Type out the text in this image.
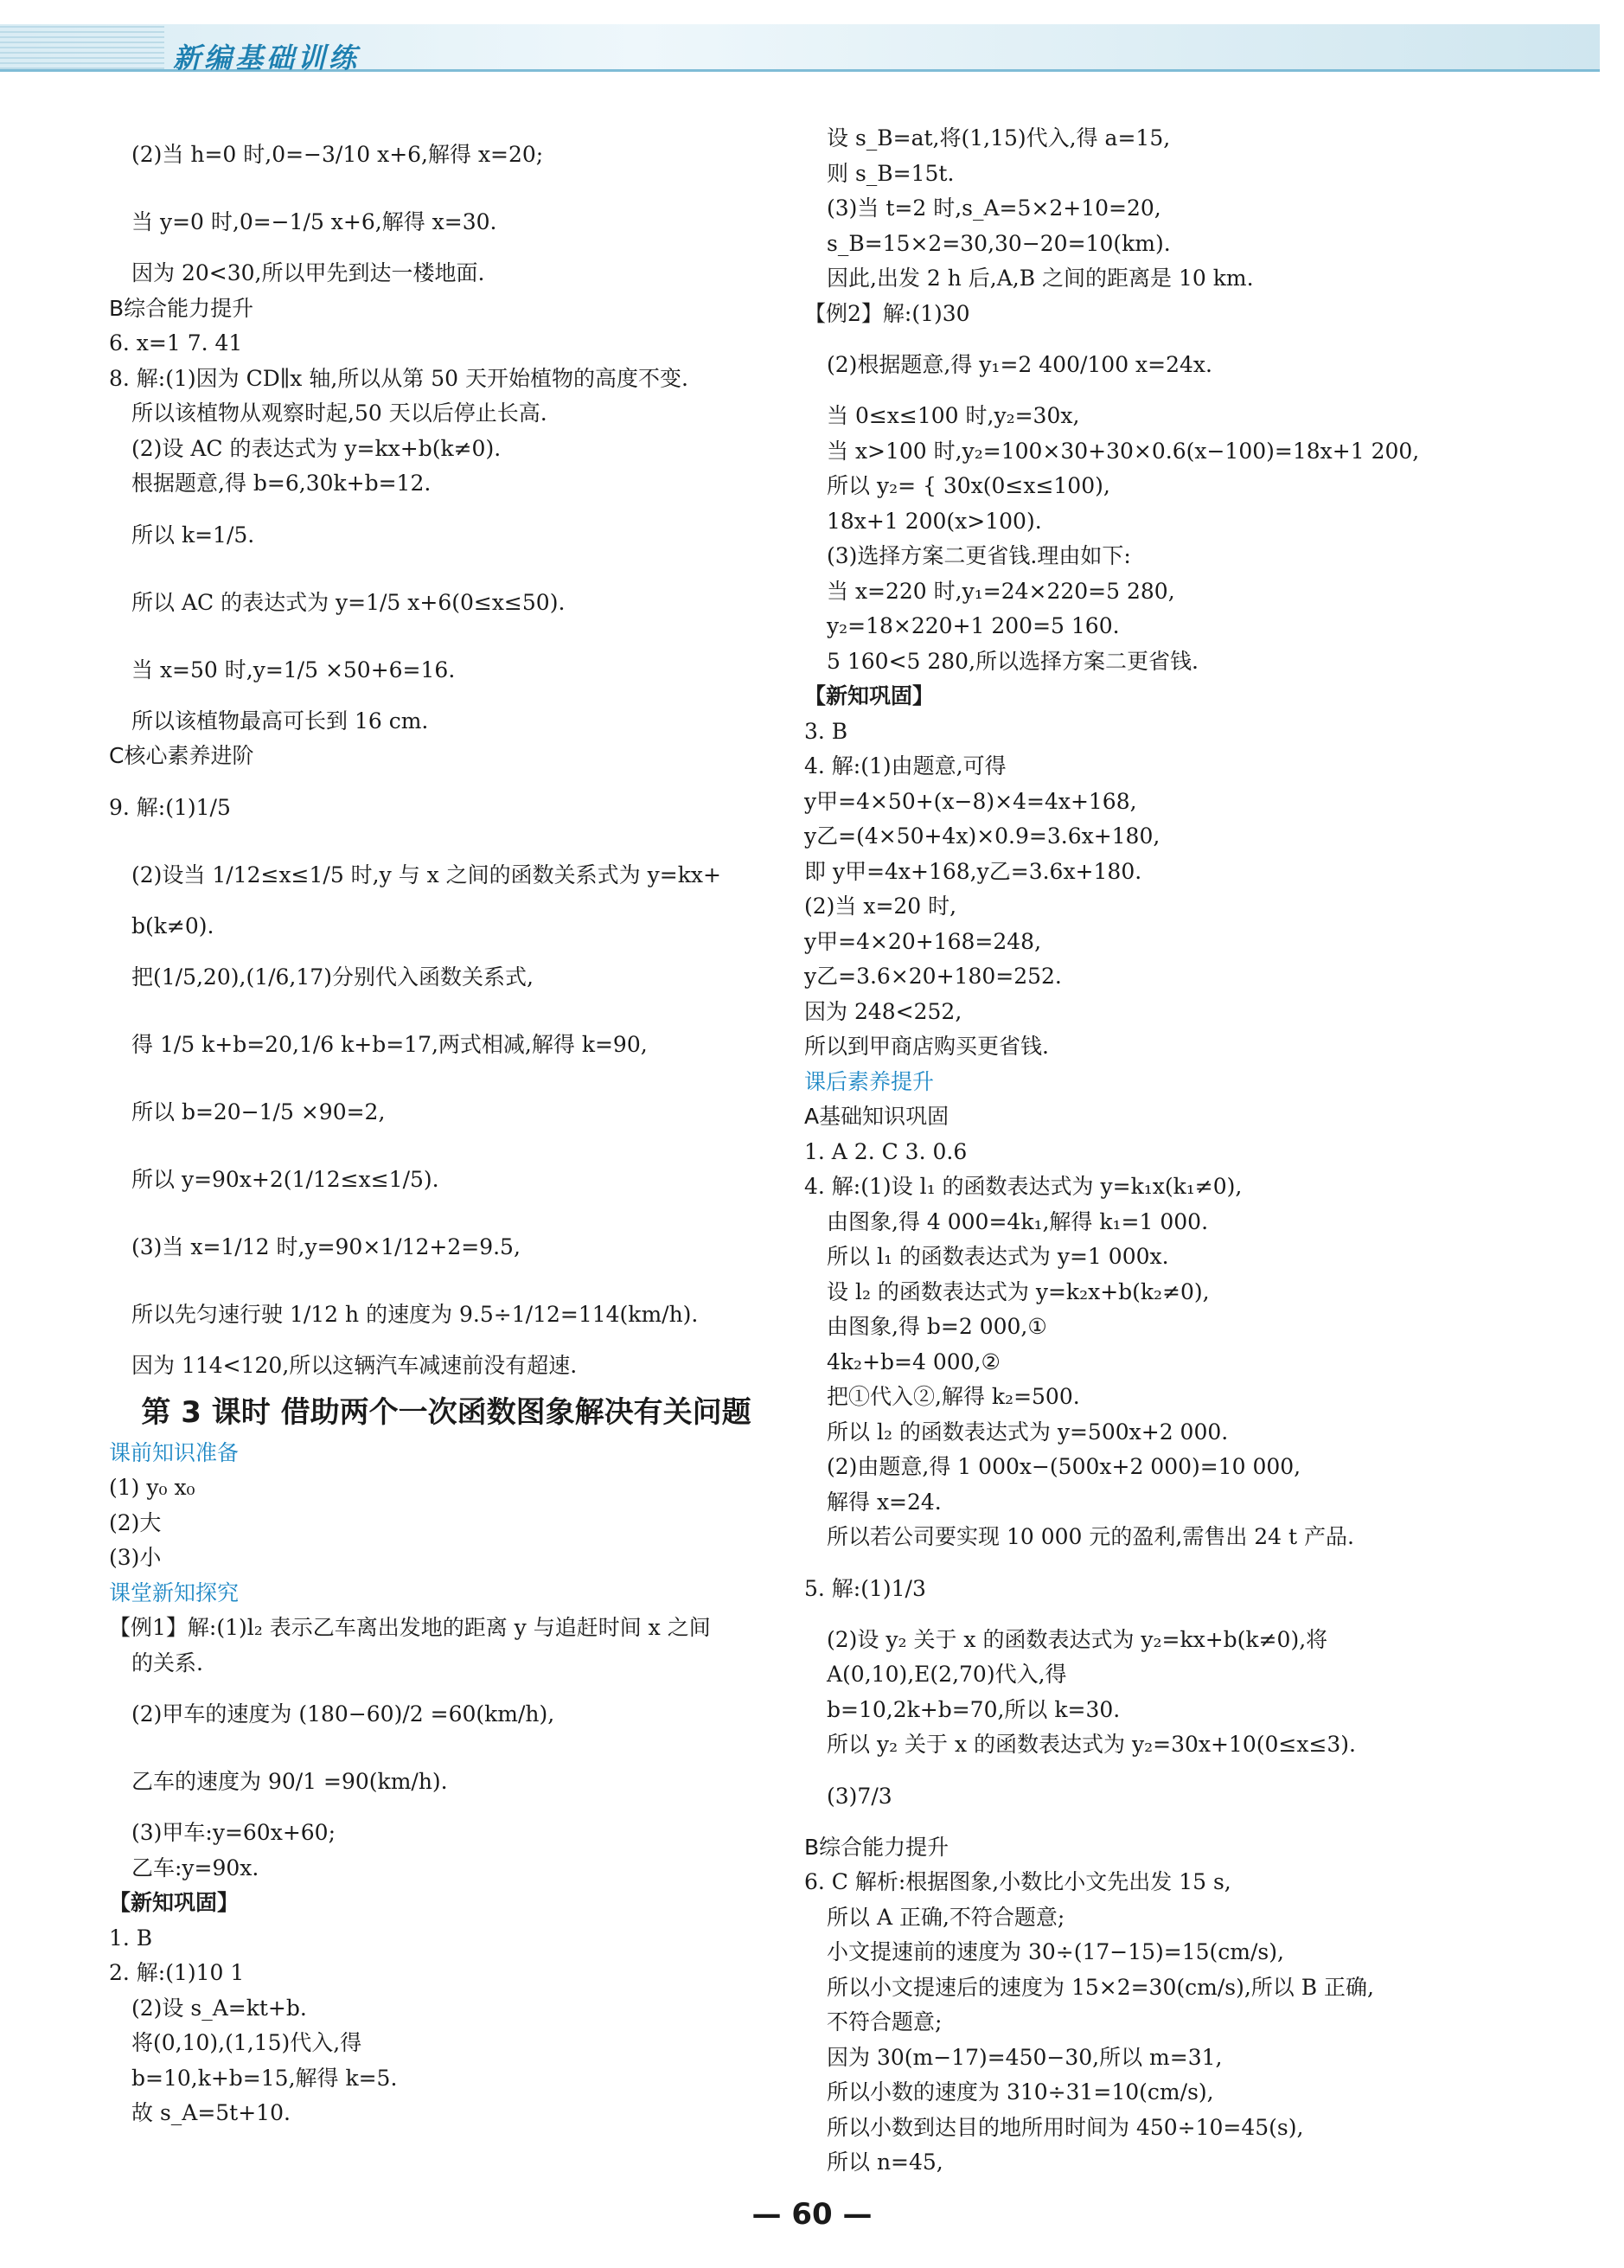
新编基础训练
(2)当 h=0 时,0=−3/10 x+6,解得 x=20;
当 y=0 时,0=−1/5 x+6,解得 x=30.
因为 20<30,所以甲先到达一楼地面.
B综合能力提升
6. x=1 7. 41
8. 解:(1)因为 CD∥x 轴,所以从第 50 天开始植物的高度不变.
所以该植物从观察时起,50 天以后停止长高.
(2)设 AC 的表达式为 y=kx+b(k≠0).
根据题意,得 b=6,30k+b=12.
所以 k=1/5.
所以 AC 的表达式为 y=1/5 x+6(0≤x≤50).
当 x=50 时,y=1/5 ×50+6=16.
所以该植物最高可长到 16 cm.
C核心素养进阶
9. 解:(1)1/5
(2)设当 1/12≤x≤1/5 时,y 与 x 之间的函数关系式为 y=kx+
b(k≠0).
把(1/5,20),(1/6,17)分别代入函数关系式,
得 1/5 k+b=20,1/6 k+b=17,两式相减,解得 k=90,
所以 b=20−1/5 ×90=2,
所以 y=90x+2(1/12≤x≤1/5).
(3)当 x=1/12 时,y=90×1/12+2=9.5,
所以先匀速行驶 1/12 h 的速度为 9.5÷1/12=114(km/h).
因为 114<120,所以这辆汽车减速前没有超速.
第 3 课时 借助两个一次函数图象解决有关问题
课前知识准备
(1) y₀ x₀
(2)大
(3)小
课堂新知探究
【例1】解:(1)l₂ 表示乙车离出发地的距离 y 与追赶时间 x 之间
的关系.
(2)甲车的速度为 (180−60)/2 =60(km/h),
乙车的速度为 90/1 =90(km/h).
(3)甲车:y=60x+60;
乙车:y=90x.
【新知巩固】
1. B
2. 解:(1)10 1
(2)设 s_A=kt+b.
将(0,10),(1,15)代入,得
b=10,k+b=15,解得 k=5.
故 s_A=5t+10.
设 s_B=at,将(1,15)代入,得 a=15,
则 s_B=15t.
(3)当 t=2 时,s_A=5×2+10=20,
s_B=15×2=30,30−20=10(km).
因此,出发 2 h 后,A,B 之间的距离是 10 km.
【例2】解:(1)30
(2)根据题意,得 y₁=2 400/100 x=24x.
当 0≤x≤100 时,y₂=30x,
当 x>100 时,y₂=100×30+30×0.6(x−100)=18x+1 200,
所以 y₂= { 30x(0≤x≤100),
18x+1 200(x>100).
(3)选择方案二更省钱.理由如下:
当 x=220 时,y₁=24×220=5 280,
y₂=18×220+1 200=5 160.
5 160<5 280,所以选择方案二更省钱.
【新知巩固】
3. B
4. 解:(1)由题意,可得
y甲=4×50+(x−8)×4=4x+168,
y乙=(4×50+4x)×0.9=3.6x+180,
即 y甲=4x+168,y乙=3.6x+180.
(2)当 x=20 时,
y甲=4×20+168=248,
y乙=3.6×20+180=252.
因为 248<252,
所以到甲商店购买更省钱.
课后素养提升
A基础知识巩固
1. A 2. C 3. 0.6
4. 解:(1)设 l₁ 的函数表达式为 y=k₁x(k₁≠0),
由图象,得 4 000=4k₁,解得 k₁=1 000.
所以 l₁ 的函数表达式为 y=1 000x.
设 l₂ 的函数表达式为 y=k₂x+b(k₂≠0),
由图象,得 b=2 000,①
4k₂+b=4 000,②
把①代入②,解得 k₂=500.
所以 l₂ 的函数表达式为 y=500x+2 000.
(2)由题意,得 1 000x−(500x+2 000)=10 000,
解得 x=24.
所以若公司要实现 10 000 元的盈利,需售出 24 t 产品.
5. 解:(1)1/3
(2)设 y₂ 关于 x 的函数表达式为 y₂=kx+b(k≠0),将
A(0,10),E(2,70)代入,得
b=10,2k+b=70,所以 k=30.
所以 y₂ 关于 x 的函数表达式为 y₂=30x+10(0≤x≤3).
(3)7/3
B综合能力提升
6. C 解析:根据图象,小数比小文先出发 15 s,
所以 A 正确,不符合题意;
小文提速前的速度为 30÷(17−15)=15(cm/s),
所以小文提速后的速度为 15×2=30(cm/s),所以 B 正确,
不符合题意;
因为 30(m−17)=450−30,所以 m=31,
所以小数的速度为 310÷31=10(cm/s),
所以小数到达目的地所用时间为 450÷10=45(s),
所以 n=45,
— 60 —
